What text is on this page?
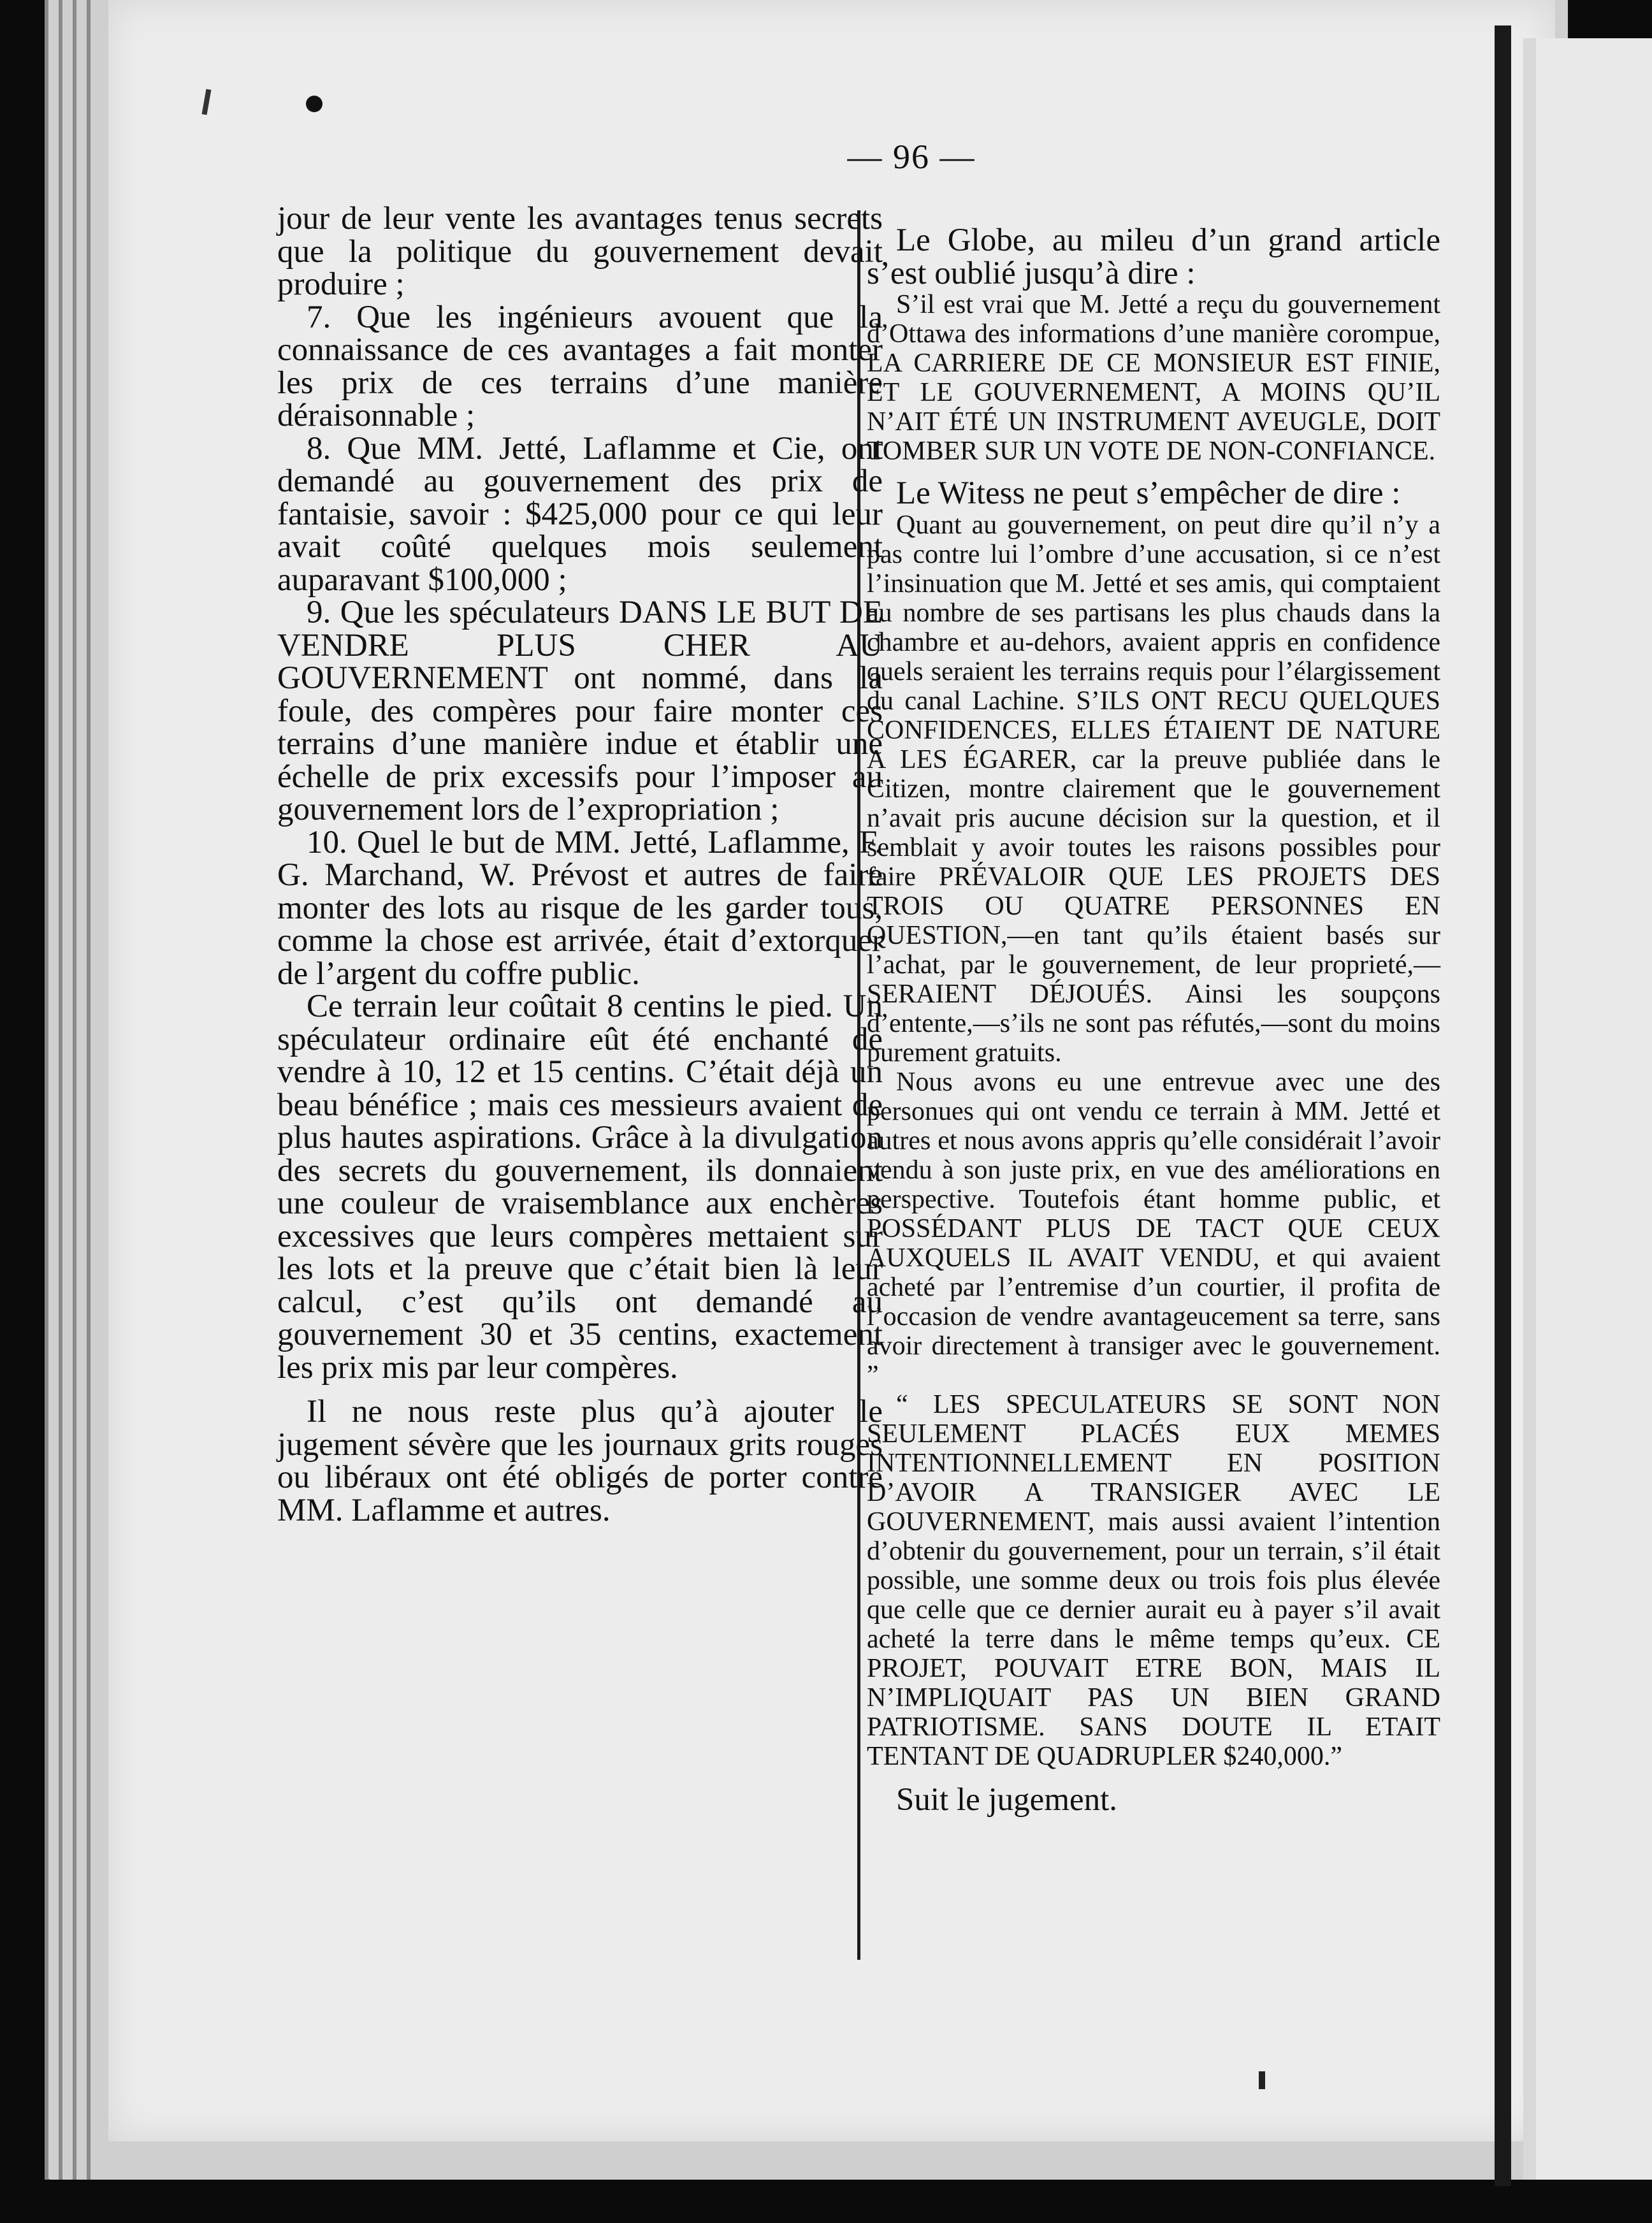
— 96 —

jour de leur vente les avantages tenus secrets que la politique du gouvernement devait produire ;

7. Que les ingénieurs avouent que la connaissance de ces avantages a fait monter les prix de ces terrains d’une manière déraisonnable ;

8. Que MM. Jetté, Laflamme et Cie, ont demandé au gouvernement des prix de fantaisie, savoir : $425,000 pour ce qui leur avait coûté quelques mois seulement auparavant $100,000 ;

9. Que les spéculateurs DANS LE BUT DE VENDRE PLUS CHER AU GOUVERNEMENT ont nommé, dans la foule, des compères pour faire monter ces terrains d’une manière indue et établir une échelle de prix excessifs pour l’imposer au gouvernement lors de l’expropriation ;

10. Quel le but de MM. Jetté, Laflamme, F. G. Marchand, W. Prévost et autres de faire monter des lots au risque de les garder tous, comme la chose est arrivée, était d’extorquer de l’argent du coffre public.

Ce terrain leur coûtait 8 centins le pied. Un spéculateur ordinaire eût été enchanté de vendre à 10, 12 et 15 centins. C’était déjà un beau bénéfice ; mais ces messieurs avaient de plus hautes aspirations. Grâce à la divulgation des secrets du gouvernement, ils donnaient une couleur de vraisemblance aux enchères excessives que leurs compères mettaient sur les lots et la preuve que c’était bien là leur calcul, c’est qu’ils ont demandé au gouvernement 30 et 35 centins, exactement les prix mis par leur compères.

Il ne nous reste plus qu’à ajouter le jugement sévère que les journaux grits rouges ou libéraux ont été obligés de porter contre MM. Laflamme et autres.

Le Globe, au mileu d’un grand article s’est oublié jusqu’à dire :

S’il est vrai que M. Jetté a reçu du gouvernement d’Ottawa des informations d’une manière corompue, LA CARRIERE DE CE MONSIEUR EST FINIE, ET LE GOUVERNEMENT, A MOINS QU’IL N’AIT ÉTÉ UN INSTRUMENT AVEUGLE, DOIT TOMBER SUR UN VOTE DE NON-CONFIANCE.

Le Witess ne peut s’empêcher de dire :

Quant au gouvernement, on peut dire qu’il n’y a pas contre lui l’ombre d’une accusation, si ce n’est l’insinuation que M. Jetté et ses amis, qui comptaient au nombre de ses partisans les plus chauds dans la chambre et au-dehors, avaient appris en confidence quels seraient les terrains requis pour l’élargissement du canal Lachine. S’ILS ONT RECU QUELQUES CONFIDENCES, ELLES ÉTAIENT DE NATURE A LES ÉGARER, car la preuve publiée dans le Citizen, montre clairement que le gouvernement n’avait pris aucune décision sur la question, et il semblait y avoir toutes les raisons possibles pour faire PRÉVALOIR QUE LES PROJETS DES TROIS OU QUATRE PERSONNES EN QUESTION,—en tant qu’ils étaient basés sur l’achat, par le gouvernement, de leur proprieté,—SERAIENT DÉJOUÉS. Ainsi les soupçons d’entente,—s’ils ne sont pas réfutés,—sont du moins purement gratuits.

Nous avons eu une entrevue avec une des personues qui ont vendu ce terrain à MM. Jetté et autres et nous avons appris qu’elle considérait l’avoir vendu à son juste prix, en vue des améliorations en perspective. Toutefois étant homme public, et POSSÉDANT PLUS DE TACT QUE CEUX AUXQUELS IL AVAIT VENDU, et qui avaient acheté par l’entremise d’un courtier, il profita de l’occasion de vendre avantageucement sa terre, sans avoir directement à transiger avec le gouvernement. ”

“ LES SPECULATEURS SE SONT NON SEULEMENT PLACÉS EUX MEMES INTENTIONNELLEMENT EN POSITION D’AVOIR A TRANSIGER AVEC LE GOUVERNEMENT, mais aussi avaient l’intention d’obtenir du gouvernement, pour un terrain, s’il était possible, une somme deux ou trois fois plus élevée que celle que ce dernier aurait eu à payer s’il avait acheté la terre dans le même temps qu’eux. CE PROJET, POUVAIT ETRE BON, MAIS IL N’IMPLIQUAIT PAS UN BIEN GRAND PATRIOTISME. SANS DOUTE IL ETAIT TENTANT DE QUADRUPLER $240,000.”

Suit le jugement.
